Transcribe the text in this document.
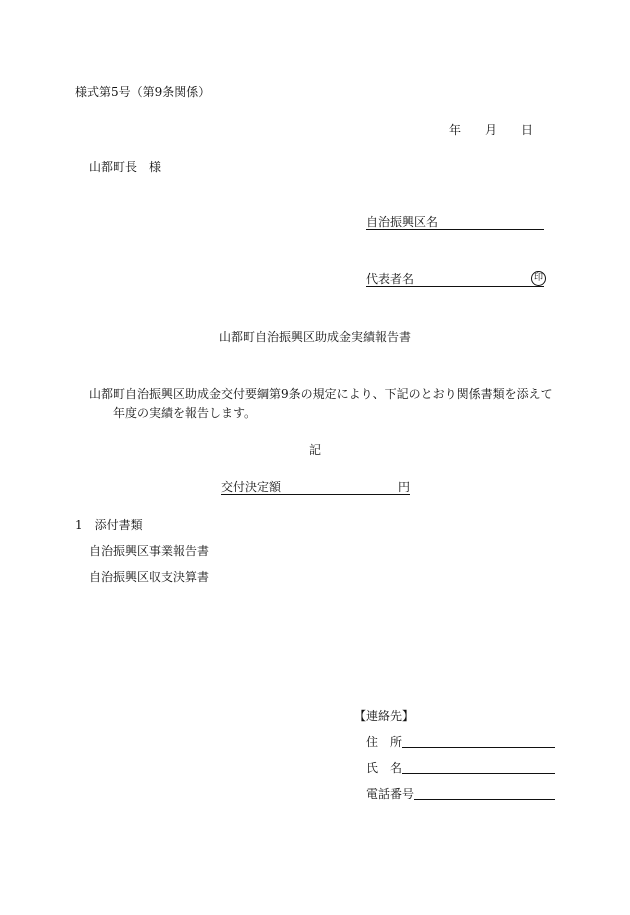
様式第5号（第9条関係）
年 月 日
山都町長　様
自治振興区名
代表者名	印
山都町自治振興区助成金実績報告書
山都町自治振興区助成金交付要綱第9条の規定により、下記のとおり関係書類を添えて
年度の実績を報告します。
記
交付決定額	円
1　添付書類
自治振興区事業報告書
自治振興区収支決算書
【連絡先】
住　所
氏　名
電話番号
